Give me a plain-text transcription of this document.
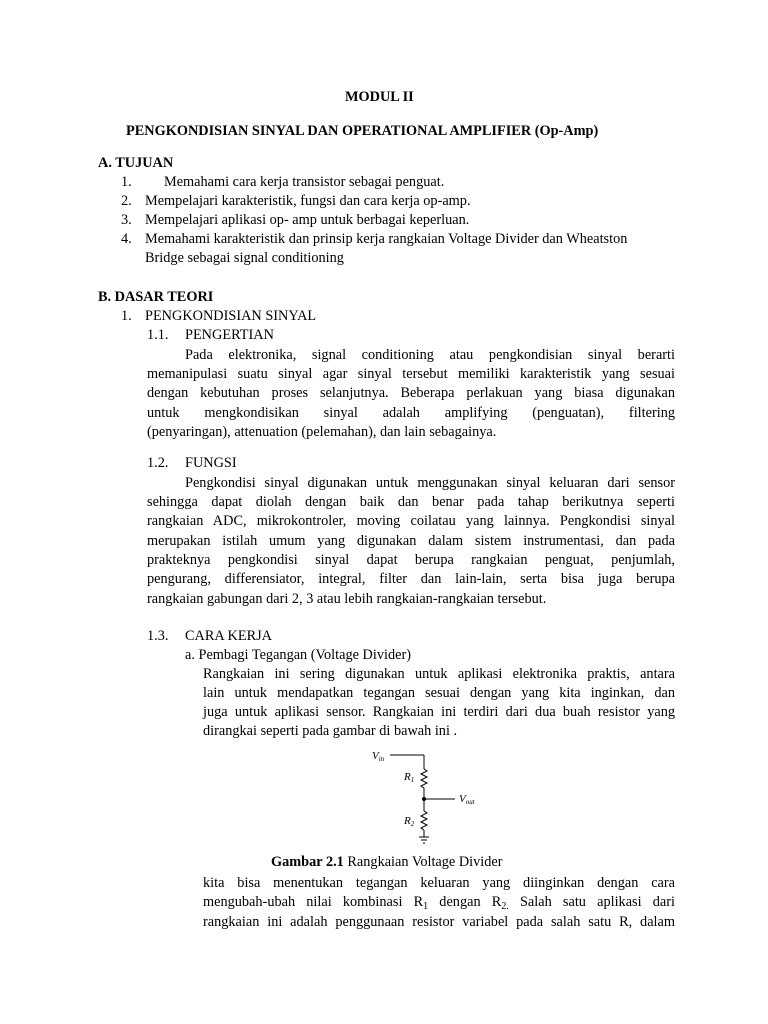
MODUL II
PENGKONDISIAN SINYAL DAN OPERATIONAL AMPLIFIER (Op-Amp)
A. TUJUAN
1. Memahami cara kerja transistor sebagai penguat.
2. Mempelajari karakteristik, fungsi dan cara kerja op-amp.
3. Mempelajari aplikasi op- amp untuk berbagai keperluan.
4. Memahami karakteristik dan prinsip kerja rangkaian Voltage Divider dan Wheatston
Bridge sebagai signal conditioning
B. DASAR TEORI
1. PENGKONDISIAN SINYAL
1.1. PENGERTIAN
Pada elektronika, signal conditioning atau pengkondisian sinyal berarti
memanipulasi suatu sinyal agar sinyal tersebut memiliki karakteristik yang sesuai
dengan kebutuhan proses selanjutnya. Beberapa perlakuan yang biasa digunakan
untuk mengkondisikan sinyal adalah amplifying (penguatan), filtering
(penyaringan), attenuation (pelemahan), dan lain sebagainya.
1.2. FUNGSI
Pengkondisi sinyal digunakan untuk menggunakan sinyal keluaran dari sensor
sehingga dapat diolah dengan baik dan benar pada tahap berikutnya seperti
rangkaian ADC, mikrokontroler, moving coilatau yang lainnya. Pengkondisi sinyal
merupakan istilah umum yang digunakan dalam sistem instrumentasi, dan pada
prakteknya pengkondisi sinyal dapat berupa rangkaian penguat, penjumlah,
pengurang, differensiator, integral, filter dan lain-lain, serta bisa juga berupa
rangkaian gabungan dari 2, 3 atau lebih rangkaian-rangkaian tersebut.
1.3. CARA KERJA
a. Pembagi Tegangan (Voltage Divider)
Rangkaian ini sering digunakan untuk aplikasi elektronika praktis, antara
lain untuk mendapatkan tegangan sesuai dengan yang kita inginkan, dan
juga untuk aplikasi sensor. Rangkaian ini terdiri dari dua buah resistor yang
dirangkai seperti pada gambar di bawah ini .
Vin
R1
Vout
R2
Gambar 2.1 Rangkaian Voltage Divider
kita bisa menentukan tegangan keluaran yang diinginkan dengan cara
mengubah-ubah nilai kombinasi $R_1$ dengan $R_{2.}$ Salah satu aplikasi dari
rangkaian ini adalah penggunaan resistor variabel pada salah satu R, dalam
